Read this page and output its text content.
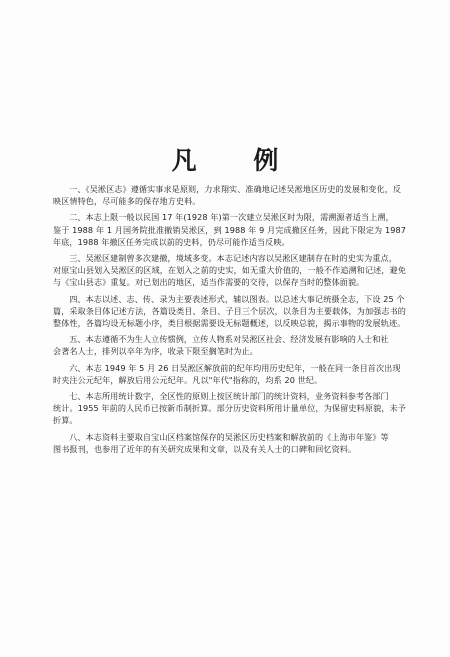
凡 例

一、《吴淞区志》遵循实事求是原则，力求翔实、准确地记述吴淞地区历史的发展和变化，反
映区情特色，尽可能多的保存地方史料。

二、本志上限一般以民国 17 年(1928 年)第一次建立吴淞区时为限，需溯源者适当上溯，
鉴于 1988 年 1 月国务院批准撤销吴淞区，到 1988 年 9 月完成撤区任务，因此下限定为 1987 年底，1988 年撤区任务完成以前的史料，仍尽可能作适当反映。

三、吴淞区建制曾多次建撤，境域多变。本志记述内容以吴淞区建制存在时的史实为重点，
对原宝山县划入吴淞区的区域，在划入之前的史实，如无重大价值的，一般不作追溯和记述，避免与《宝山县志》重复。对已划出的地区，适当作需要的交待，以保存当时的整体面貌。

四、本志以述、志、传、录为主要表述形式，辅以图表。以总述大事记统摄全志，下设 25 个
篇，采取条目体记述方法，各篇设类目、条目、子目三个层次，以条目为主要载体，为加强志书的整体性，各篇均设无标题小序，类目根据需要设无标题概述，以反映总貌，揭示事物的发展轨迹。

五、本志遵循不为生人立传惯例，立传人物系对吴淞区社会、经济发展有影响的人士和社
会著名人士，排列以卒年为序，收录下限至搁笔时为止。

六、本志 1949 年 5 月 26 日吴淞区解放前的纪年均用历史纪年，一般在同一条目首次出现
时夹注公元纪年，解放后用公元纪年。凡以"年代"指称的，均系 20 世纪。

七、本志所用统计数字，全区性的原则上按区统计部门的统计资料，业务资料参考各部门
统计。1955 年前的人民币已按新币制折算。部分历史资料所用计量单位，为保留史料原貌，未予折算。

八、本志资料主要取自宝山区档案馆保存的吴淞区历史档案和解放前的《上海市年鉴》等
图书报刊，也参用了近年的有关研究成果和文章，以及有关人士的口碑和回忆资料。
